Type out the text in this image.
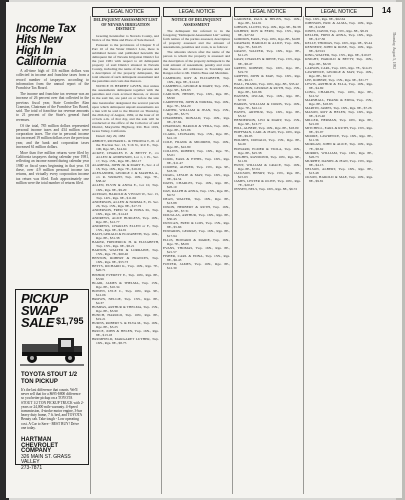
14
Thursday, August 5, 1982
Income Tax Hits New High In California

A all-time high of 116 million dollars was collected in income and franchise taxes from a record number of taxpayers according to information from the annual report of the Franchise Tax Board.

The income and franchise tax revenue was an increase of 26 percent over that collected in the previous fiscal year, State Controller Alan Cranston, Chairman of the Franchise Tax Board, said. The total of franchise tax revenue amounts to 21 percent of the State's general fund revenues.

Of the total, 785 million dollars represented personal income taxes and 434 million were corporation taxes. The rise in personal income tax increased 19 million dollars over the previous year, and the bank and corporation taxes increased 61 million dollars.

More than five million returns were filed by California taxpayers during calendar year 1981, reflecting an income earned during calendar year 1980 or fiscal years beginning in that year. Of these, over 4.9 million personal income tax returns, and virtually every corporation income tax return was filed. Each approximately one million were the total number of returns filed.

PICKUP SWAP SALE $1,795
TOYOTA STOUT 1/2 TON PICKUP
It's the last difference that counts. We'll never sell that for a $695-$800 difference so you better pickup on a TOYOTA STOUT 1/2 TON PICKUP TRUCK with 2-years or 24,000 mile warranty. 4-Speed transmission, 4-stroke motor engine, 3-bar heavy duty frame, 7 ft. bed, and TOYOTA Beauty cab. Take tough - Low operating cost. A Car to Save - BEST BUY! Drive one today.
HARTMAN CHEVROLET COMPANY
326 MAIN ST. GRASS VALLEY
273-7871
LEGAL NOTICE	LEGAL NOTICE	LEGAL NOTICE	LEGAL NOTICE
DELINQUENT ASSESSMENT LIST OF NEVADA IRRIGATION DISTRICT

Greeting hereinafter to Nevada County, and Notice of the Time and Place of Sale thereof.

Pursuant to the provisions of Chapter 8 of Part 10 of the Water District Law, there is submitted hereto and published herewith the delinquent list of Nevada Irrigation District for the year 1981 with respect to all delinquent property of said District situated in Nevada County, including the name of the persons and a description of the property delinquent, the total amount of such delinquent assessment and the penalties and costs due thereon.

NOTICE IS HEREBY GIVEN, that unless the assessments delinquent together with the penalties and costs accrued thereon, or shown in the said list, are paid on or before the sale date hereinafter designated the several parcels upon which delinquent unpaid assessments are a lien will be sold to the District on Thursday, the 26th day of August, 1982, at the hour of 10 o'clock a.m. of that day, and the sale will be conducted at the office of the Collector of said District, Marysville Highway, P.O. Box 1019, Grass Valley, California.

Dated: July 29, 1982

ABBOTT, RICHARD L. & VERONA T., Pt. of the Fraction Sec. 13, T.16 N., R.9 E., Twp. 100, Rge. 9E., $14.64
ACKEY, CHARLES E. & BETTY F., c/o ALLEN & ANDERSON, Lot 1, 1 Pt., Sec. 17, Twp. 15N., Rge. 8E., $82.17
ALAMEDA, JOHN JR. & MARY E., Sec. 4 of 18, Twp. 16N., Rge. 7E., $16.02
ALEXANDER, GEORGE J. & MARTHA A., c/o R. WRIGHT, Twp. 16N., Rge. 7E., $38.42
ALLEN, ELVIN & ANNA E., Lot 10, Twp. 16N., Rge. 8E., $9.20
ALTMAN, HAROLD & VIVIAN W., Sec. 15, Twp. 14N., Rge. 9E., $11.66
ANDERSON, ALLEN & NORMA F., Pt. Sec. 26, Twp. 15N., Rge. 8E., $17.72
ANDERSON, FRED W. & EDNA M., Twp. 16N., Rge. 9E., $14.43
ANDREWS, ALICE BURGESS, Twp. 16N., Rge. 8E., $12.77
ANDREWS, CHARLES ELLEN or F., Twp. 15N., Rge. 9E., $4.91
BACH, GERALD & ELIZABETH, Twp. 16N., Rge. 8E., $31.38
BAKER, FREDERICK H. & ELIZABETH, Twp. 15N., Rge. 9E., $8.21
BARTON, WALTER & LORRAINE, Twp. 15N., Rge. 7E., $60.40
BENTON, ROBERT & FRANCES, Twp. 16N., Rge. 8E., $55.73
BETTS, RICHARD K., Twp. 16N., Rge. 7E., $20.71
BISHOP, EVERETT E., Twp. 16N., Rge. 8E., $3.96
BLAIR, JAMES & THELMA, Twp. 15N., Rge. 8E., $10.34
BOWEN, LYLE C., Twp. 16N., Rge. 9E., $12.06
BROWN, NELLIE, Twp. 15N., Rge. 8E., $4.37
BUMPAS, ARTHUR & THELMA, Twp. 15N., Rge. 8E., $3.90
BUNCH, HAROLD, Twp. 16N., Rge. 8E., $19.21
BURNS, ROBERT S. & ELVA M., Twp. 16N., Rge. 8E., $3.25
BRUCE, JOHN & HELEN, Twp. 16N., Rge. 8E., $13.18
BRUMFIELD, MARGARET LUTHER, Twp. 16N., Rge. 8E., $8.75
NOTICE OF DELINQUENT ASSESSMENT

The delinquent list referred to in the foregoing "Delinquent Assessment List" setting forth names of the parties assessed, description of property assessed and the amount of assessments, penalties and costs, is as follows:

The amounts shown after the name of the person to whom the property is assessed and the description of the property delinquent is the total amount of assessment, penalty and costs due thereon. All addresses in Township and Ranges refer to Mt. Diablo Base and Meridian.

CAMERON, ROY & ELIZABETH, Twp. 16N., Rge. 8E., $14.22
CAMPBELL, GEORGE & MARY, Twp. 15N., Rge. 9E., $19.63
CARLSON, HENRY, Twp. 16N., Rge. 8E., $8.90
CARPENTER, JOHN & NORMA, Twp. 16N., Rge. 7E., $34.20
CARTER, WILLIAM & JEAN, Twp. 15N., Rge. 8E., $3.75
CHAMBERS, DONALD, Twp. 16N., Rge. 9E., $7.84
CHAPMAN, HAROLD & VERA, Twp. 16N., Rge. 8E., $15.06
CLARK, LEONARD, Twp. 15N., Rge. 8E., $41.19
COLE, FRANK & MILDRED, Twp. 16N., Rge. 8E., $22.80
COLLINS, ROBERT, Twp. 16N., Rge. 7E., $5.01
COOK, EARL & ETHEL, Twp. 16N., Rge. 8E., $11.47
COOPER, ALFRED, Twp. 15N., Rge. 9E., $18.36
CRAIG, LESLIE & MAY, Twp. 16N., Rge. 8E., $4.54
DAVIS, CHARLES, Twp. 16N., Rge. 8E., $26.10
DAY, RALPH & ANNA, Twp. 15N., Rge. 8E., $9.72
DEAN, WALTER, Twp. 16N., Rge. 8E., $13.88
DIXON, HERBERT & RUTH, Twp. 16N., Rge. 9E., $7.31
DOUGLAS, ARTHUR, Twp. 16N., Rge. 8E., $30.45
DUNCAN, FRED & LOIS, Twp. 15N., Rge. 8E., $5.66
EDWARDS, GEORGE, Twp. 16N., Rge. 8E., $17.94
ELLIS, HOWARD & MARIE, Twp. 16N., Rge. 7E., $8.09
EVANS, THOMAS, Twp. 16N., Rge. 8E., $21.57
FISHER, CARL & EDNA, Twp. 15N., Rge. 8E., $6.43
FOSTER, JAMES, Twp. 16N., Rge. 8E., $12.30
GARDNER, PAUL & HELEN, Twp. 16N., Rge. 8E., $14.91
GIBSON, LLOYD, Twp. 16N., Rge. 9E., $9.38
GILBERT, ROY & FERN, Twp. 15N., Rge. 8E., $27.62
GORDON, EARL, Twp. 16N., Rge. 8E., $4.88
GRAHAM, HAROLD & ALICE, Twp. 16N., Rge. 7E., $16.05
GRANT, WALTER, Twp. 16N., Rge. 8E., $11.23
GRAY, CHARLES & IRENE, Twp. 15N., Rge. 8E., $8.47
GREEN, ROBERT, Twp. 16N., Rge. 8E., $19.70
GRIFFIN, JOHN & MAE, Twp. 16N., Rge. 9E., $6.15
HALL, FRANK, Twp. 16N., Rge. 8E., $33.42
HAMILTON, GEORGE & RUTH, Twp. 15N., Rge. 8E., $10.86
HANSEN, OSCAR, Twp. 16N., Rge. 8E., $7.59
HARRIS, WILLIAM & DORIS, Twp. 16N., Rge. 7E., $22.14
HAYES, ARTHUR, Twp. 16N., Rge. 8E., $5.32
HENDERSON, LEO & MARY, Twp. 15N., Rge. 9E., $13.77
HILL, ALBERT, Twp. 16N., Rge. 8E., $18.09
HOFFMAN, CARL & JEAN, Twp. 16N., Rge. 8E., $9.95
HOLMES, DONALD, Twp. 15N., Rge. 8E., $4.26
HOWARD, ELMER & VIOLA, Twp. 16N., Rge. 8E., $25.38
HUGHES, RAYMOND, Twp. 16N., Rge. 9E., $11.81
HUNT, WILLIAM & GRACE, Twp. 16N., Rge. 8E., $7.04
JACKSON, HENRY, Twp. 15N., Rge. 8E., $15.63
JAMES, LESTER & OLIVE, Twp. 16N., Rge. 7E., $20.47
JENSEN, NELS, Twp. 16N., Rge. 8E., $6.72
Twp. 16N., Rge. 8E., $62.64
JOHNSON, ERIC & ALMA, Twp. 16N., Rge. 8E., $12.88
JONES, DAVID, Twp. 15N., Rge. 8E., $8.19
KELLER, FRED & ANNA, Twp. 16N., Rge. 8E., $17.36
KELLY, THOMAS, Twp. 16N., Rge. 9E., $5.44
KENNEDY, JOHN & ROSE, Twp. 16N., Rge. 8E., $23.91
KING, WALTER, Twp. 15N., Rge. 8E., $10.07
KNIGHT, HAROLD & BETTY, Twp. 16N., Rge. 8E., $6.58
LARSON, CARL, Twp. 16N., Rge. 7E., $14.25
LAWRENCE, GEORGE & MAY, Twp. 16N., Rge. 8E., $9.13
LEE, ROBERT, Twp. 15N., Rge. 9E., $31.77
LEWIS, ARTHUR & ELLA, Twp. 16N., Rge. 8E., $4.69
LONG, CHARLES, Twp. 16N., Rge. 8E., $12.52
MARSHALL, FRANK & EDNA, Twp. 15N., Rge. 8E., $18.83
MARTIN, JAMES, Twp. 16N., Rge. 8E., $7.26
MASON, ROY & HELEN, Twp. 16N., Rge. 9E., $15.40
MILLER, HERMAN, Twp. 16N., Rge. 8E., $21.09
MITCHELL, EARL & RUTH, Twp. 15N., Rge. 8E., $5.97
MOORE, LAWRENCE, Twp. 16N., Rge. 8E., $11.36
MORGAN, JOHN & ALICE, Twp. 16N., Rge. 7E., $8.62
MORRIS, WILLIAM, Twp. 16N., Rge. 8E., $26.73
MURPHY, DANIEL & JEAN, Twp. 15N., Rge. 8E., $4.15
NELSON, ALBERT, Twp. 16N., Rge. 8E., $13.48
OLSON, HAROLD & MAE, Twp. 16N., Rge. 8E., $9.81
